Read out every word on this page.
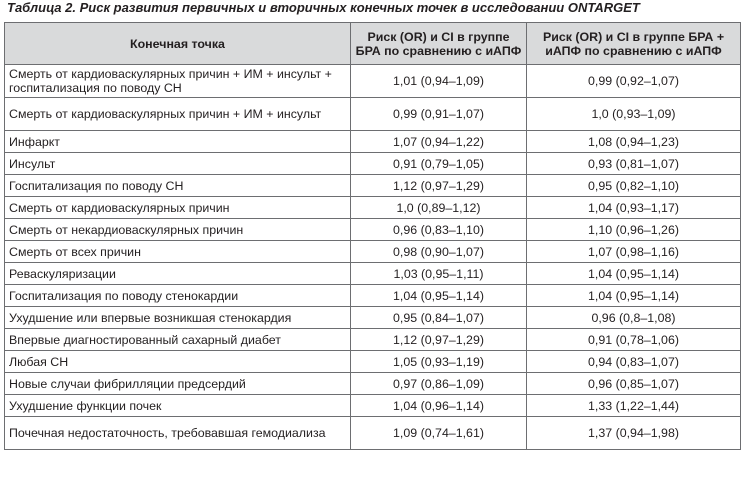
Таблица 2. Риск развития первичных и вторичных конечных точек в исследовании ONTARGET
Конечная точка	Риск (OR) и CI в группе БРА по сравнению с иАПФ	Риск (OR) и CI в группе БРА + иАПФ по сравнению с иАПФ
Смерть от кардиоваскулярных причин + ИМ + инсульт + госпитализация по поводу СН	1,01 (0,94–1,09)	0,99 (0,92–1,07)
Смерть от кардиоваскулярных причин + ИМ + инсульт	0,99 (0,91–1,07)	1,0 (0,93–1,09)
Инфаркт	1,07 (0,94–1,22)	1,08 (0,94–1,23)
Инсульт	0,91 (0,79–1,05)	0,93 (0,81–1,07)
Госпитализация по поводу СН	1,12 (0,97–1,29)	0,95 (0,82–1,10)
Смерть от кардиоваскулярных причин	1,0 (0,89–1,12)	1,04 (0,93–1,17)
Смерть от некардиоваскулярных причин	0,96 (0,83–1,10)	1,10 (0,96–1,26)
Смерть от всех причин	0,98 (0,90–1,07)	1,07 (0,98–1,16)
Реваскуляризации	1,03 (0,95–1,11)	1,04 (0,95–1,14)
Госпитализация по поводу стенокардии	1,04 (0,95–1,14)	1,04 (0,95–1,14)
Ухудшение или впервые возникшая стенокардия	0,95 (0,84–1,07)	0,96 (0,8–1,08)
Впервые диагностированный сахарный диабет	1,12 (0,97–1,29)	0,91 (0,78–1,06)
Любая СН	1,05 (0,93–1,19)	0,94 (0,83–1,07)
Новые случаи фибрилляции предсердий	0,97 (0,86–1,09)	0,96 (0,85–1,07)
Ухудшение функции почек	1,04 (0,96–1,14)	1,33 (1,22–1,44)
Почечная недостаточность, требовавшая гемодиализа	1,09 (0,74–1,61)	1,37 (0,94–1,98)
